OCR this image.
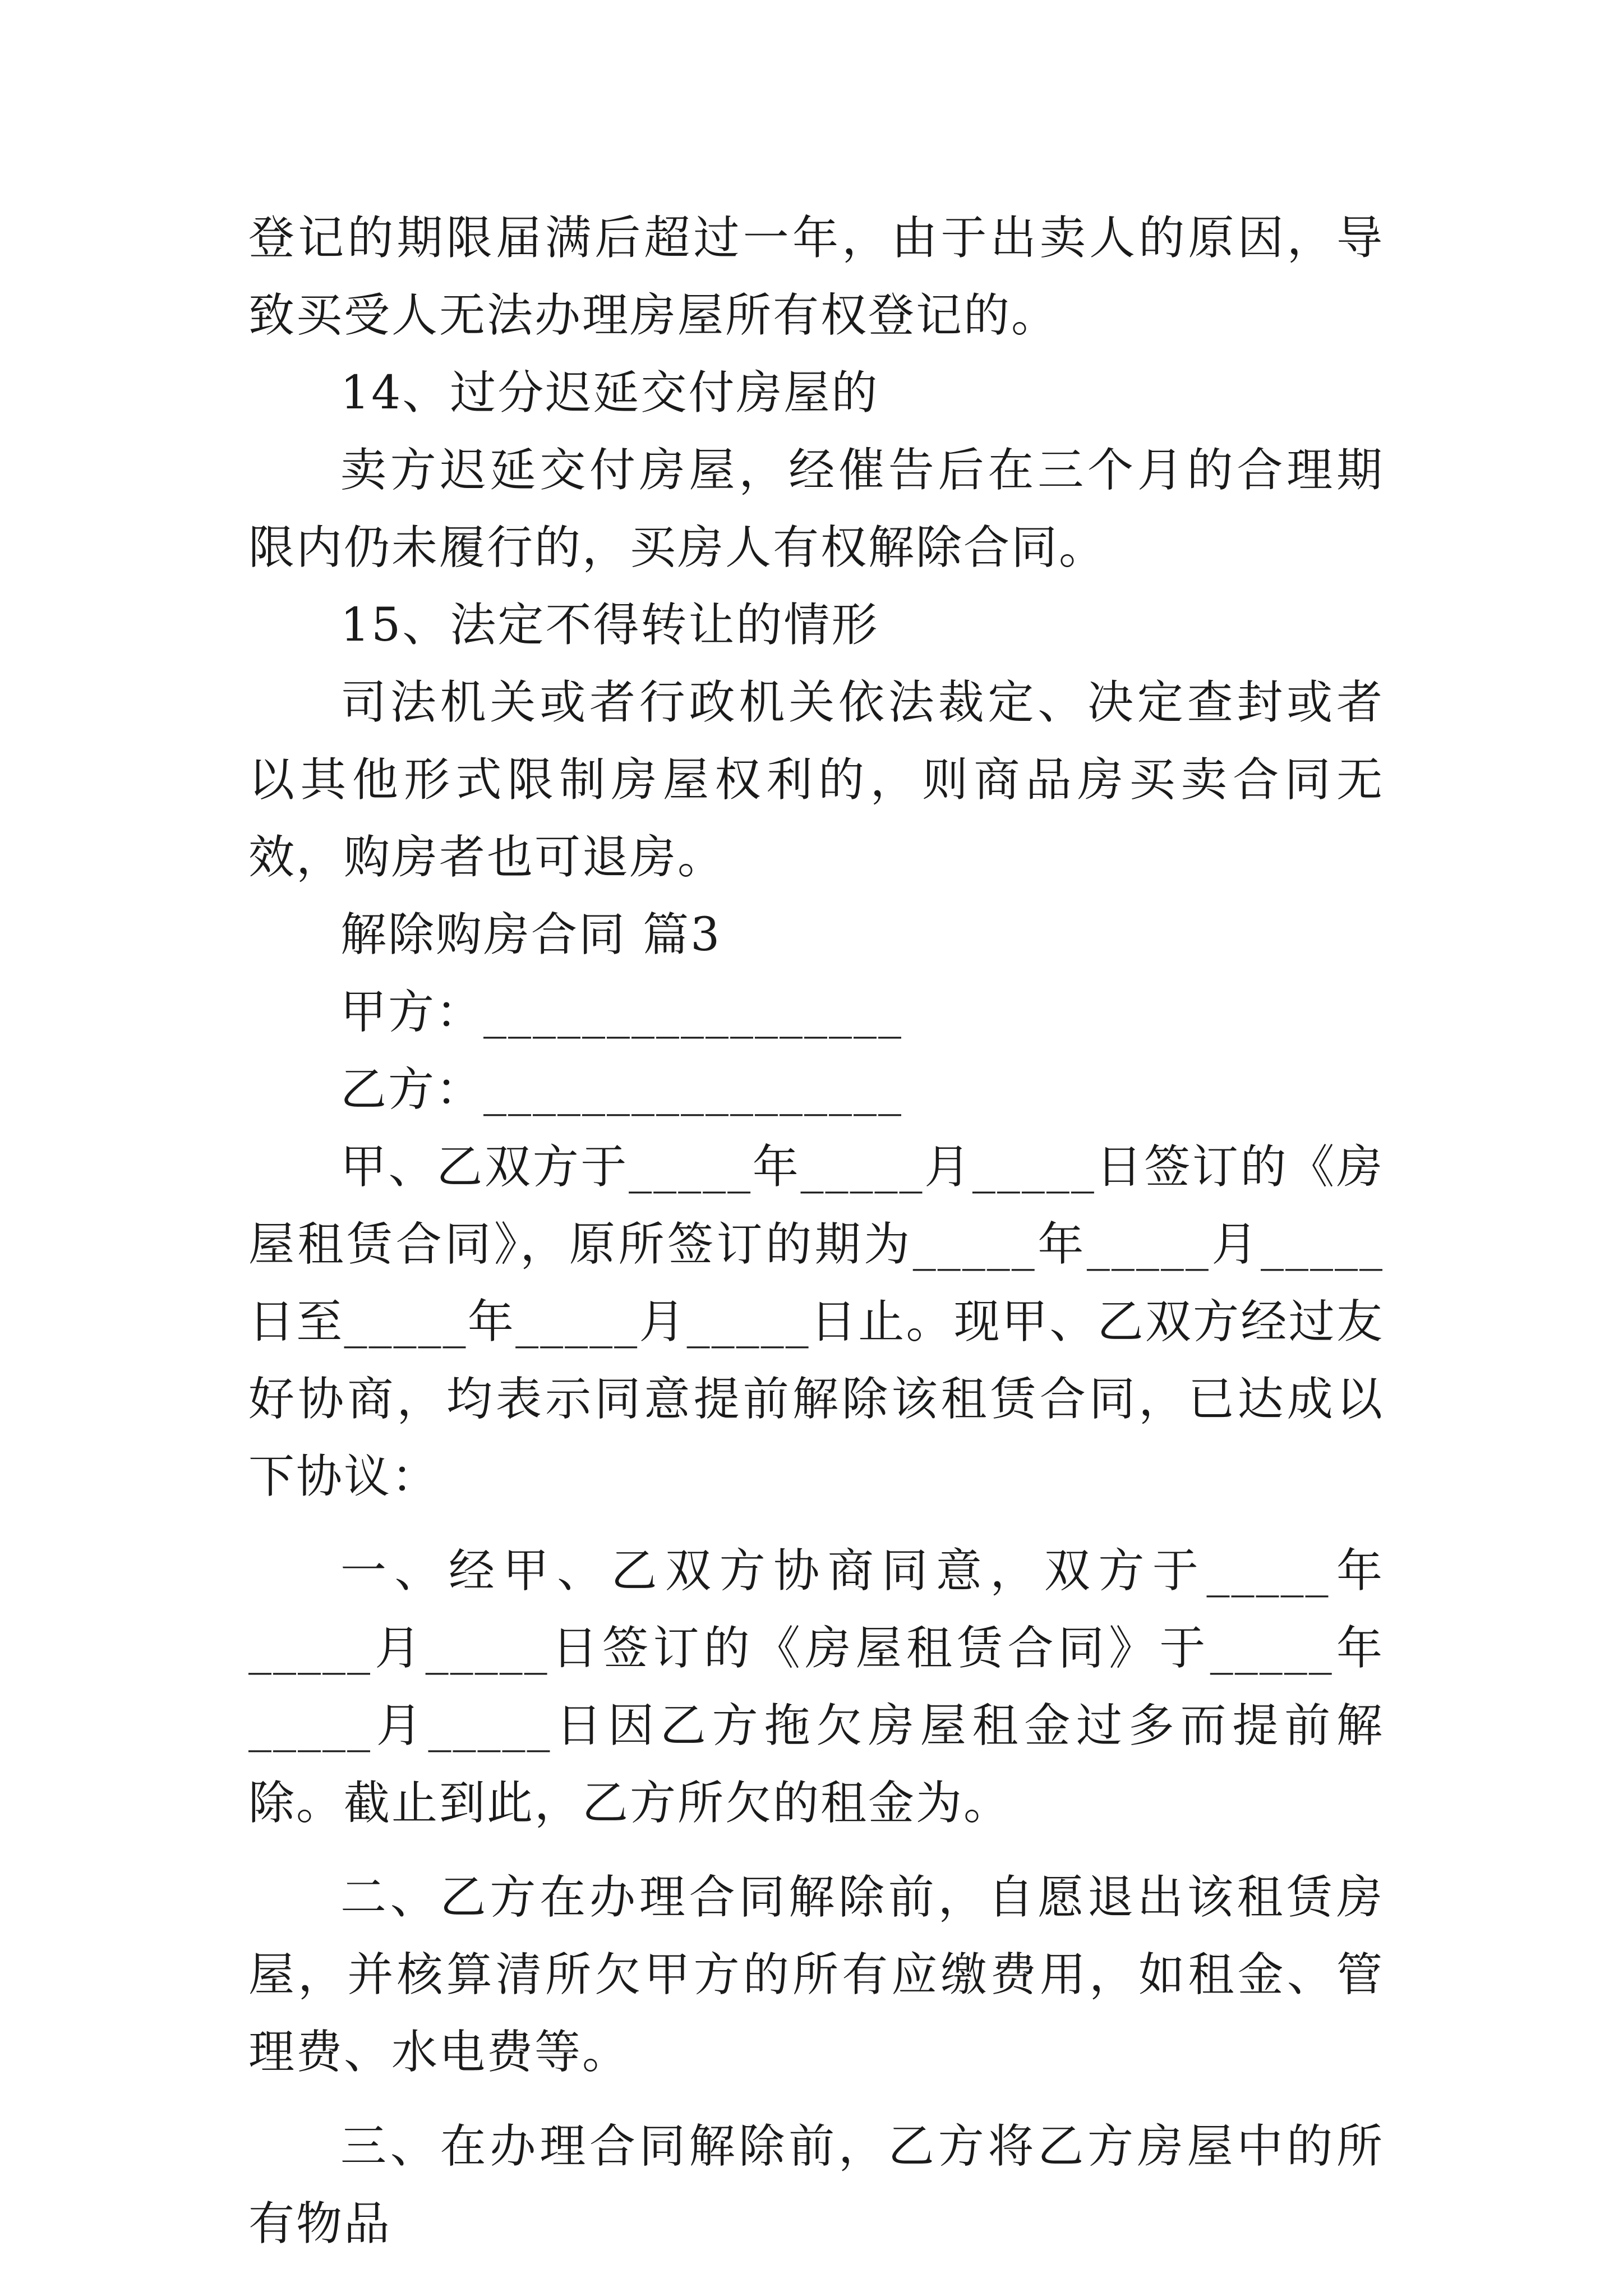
登记的期限届满后超过一年，由于出卖人的原因，导致买受人无法办理房屋所有权登记的。

14、过分迟延交付房屋的

卖方迟延交付房屋，经催告后在三个月的合理期限内仍未履行的，买房人有权解除合同。

15、法定不得转让的情形

司法机关或者行政机关依法裁定、决定查封或者以其他形式限制房屋权利的，则商品房买卖合同无效，购房者也可退房。

解除购房合同 篇3

甲方：_________________

乙方：_________________

甲、乙双方于_____年_____月_____日签订的《房屋租赁合同》，原所签订的期为_____年_____月_____日至_____年_____月_____日止。现甲、乙双方经过友好协商，均表示同意提前解除该租赁合同，已达成以下协议：

一、经甲、乙双方协商同意，双方于_____年_____月_____日签订的《房屋租赁合同》于_____年_____月_____日因乙方拖欠房屋租金过多而提前解除。截止到此，乙方所欠的租金为。

二、乙方在办理合同解除前，自愿退出该租赁房屋，并核算清所欠甲方的所有应缴费用，如租金、管理费、水电费等。

三、在办理合同解除前，乙方将乙方房屋中的所有物品
